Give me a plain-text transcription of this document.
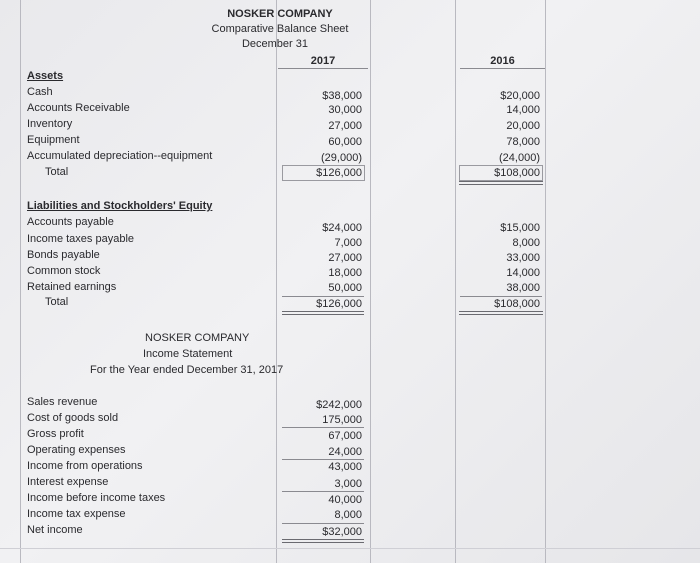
NOSKER COMPANY
Comparative Balance Sheet
December 31
2017	2016
Assets
Cash	$38,000	$20,000
Accounts Receivable	30,000	14,000
Inventory	27,000	20,000
Equipment	60,000	78,000
Accumulated depreciation--equipment	(29,000)	(24,000)
Total	$126,000	$108,000
Liabilities and Stockholders' Equity
Accounts payable	$24,000	$15,000
Income taxes payable	7,000	8,000
Bonds payable	27,000	33,000
Common stock	18,000	14,000
Retained earnings	50,000	38,000
Total	$126,000	$108,000
NOSKER COMPANY
Income Statement
For the Year ended December 31, 2017
Sales revenue	$242,000
Cost of goods sold	175,000
Gross profit	67,000
Operating expenses	24,000
Income from operations	43,000
Interest expense	3,000
Income before income taxes	40,000
Income tax expense	8,000
Net income	$32,000
